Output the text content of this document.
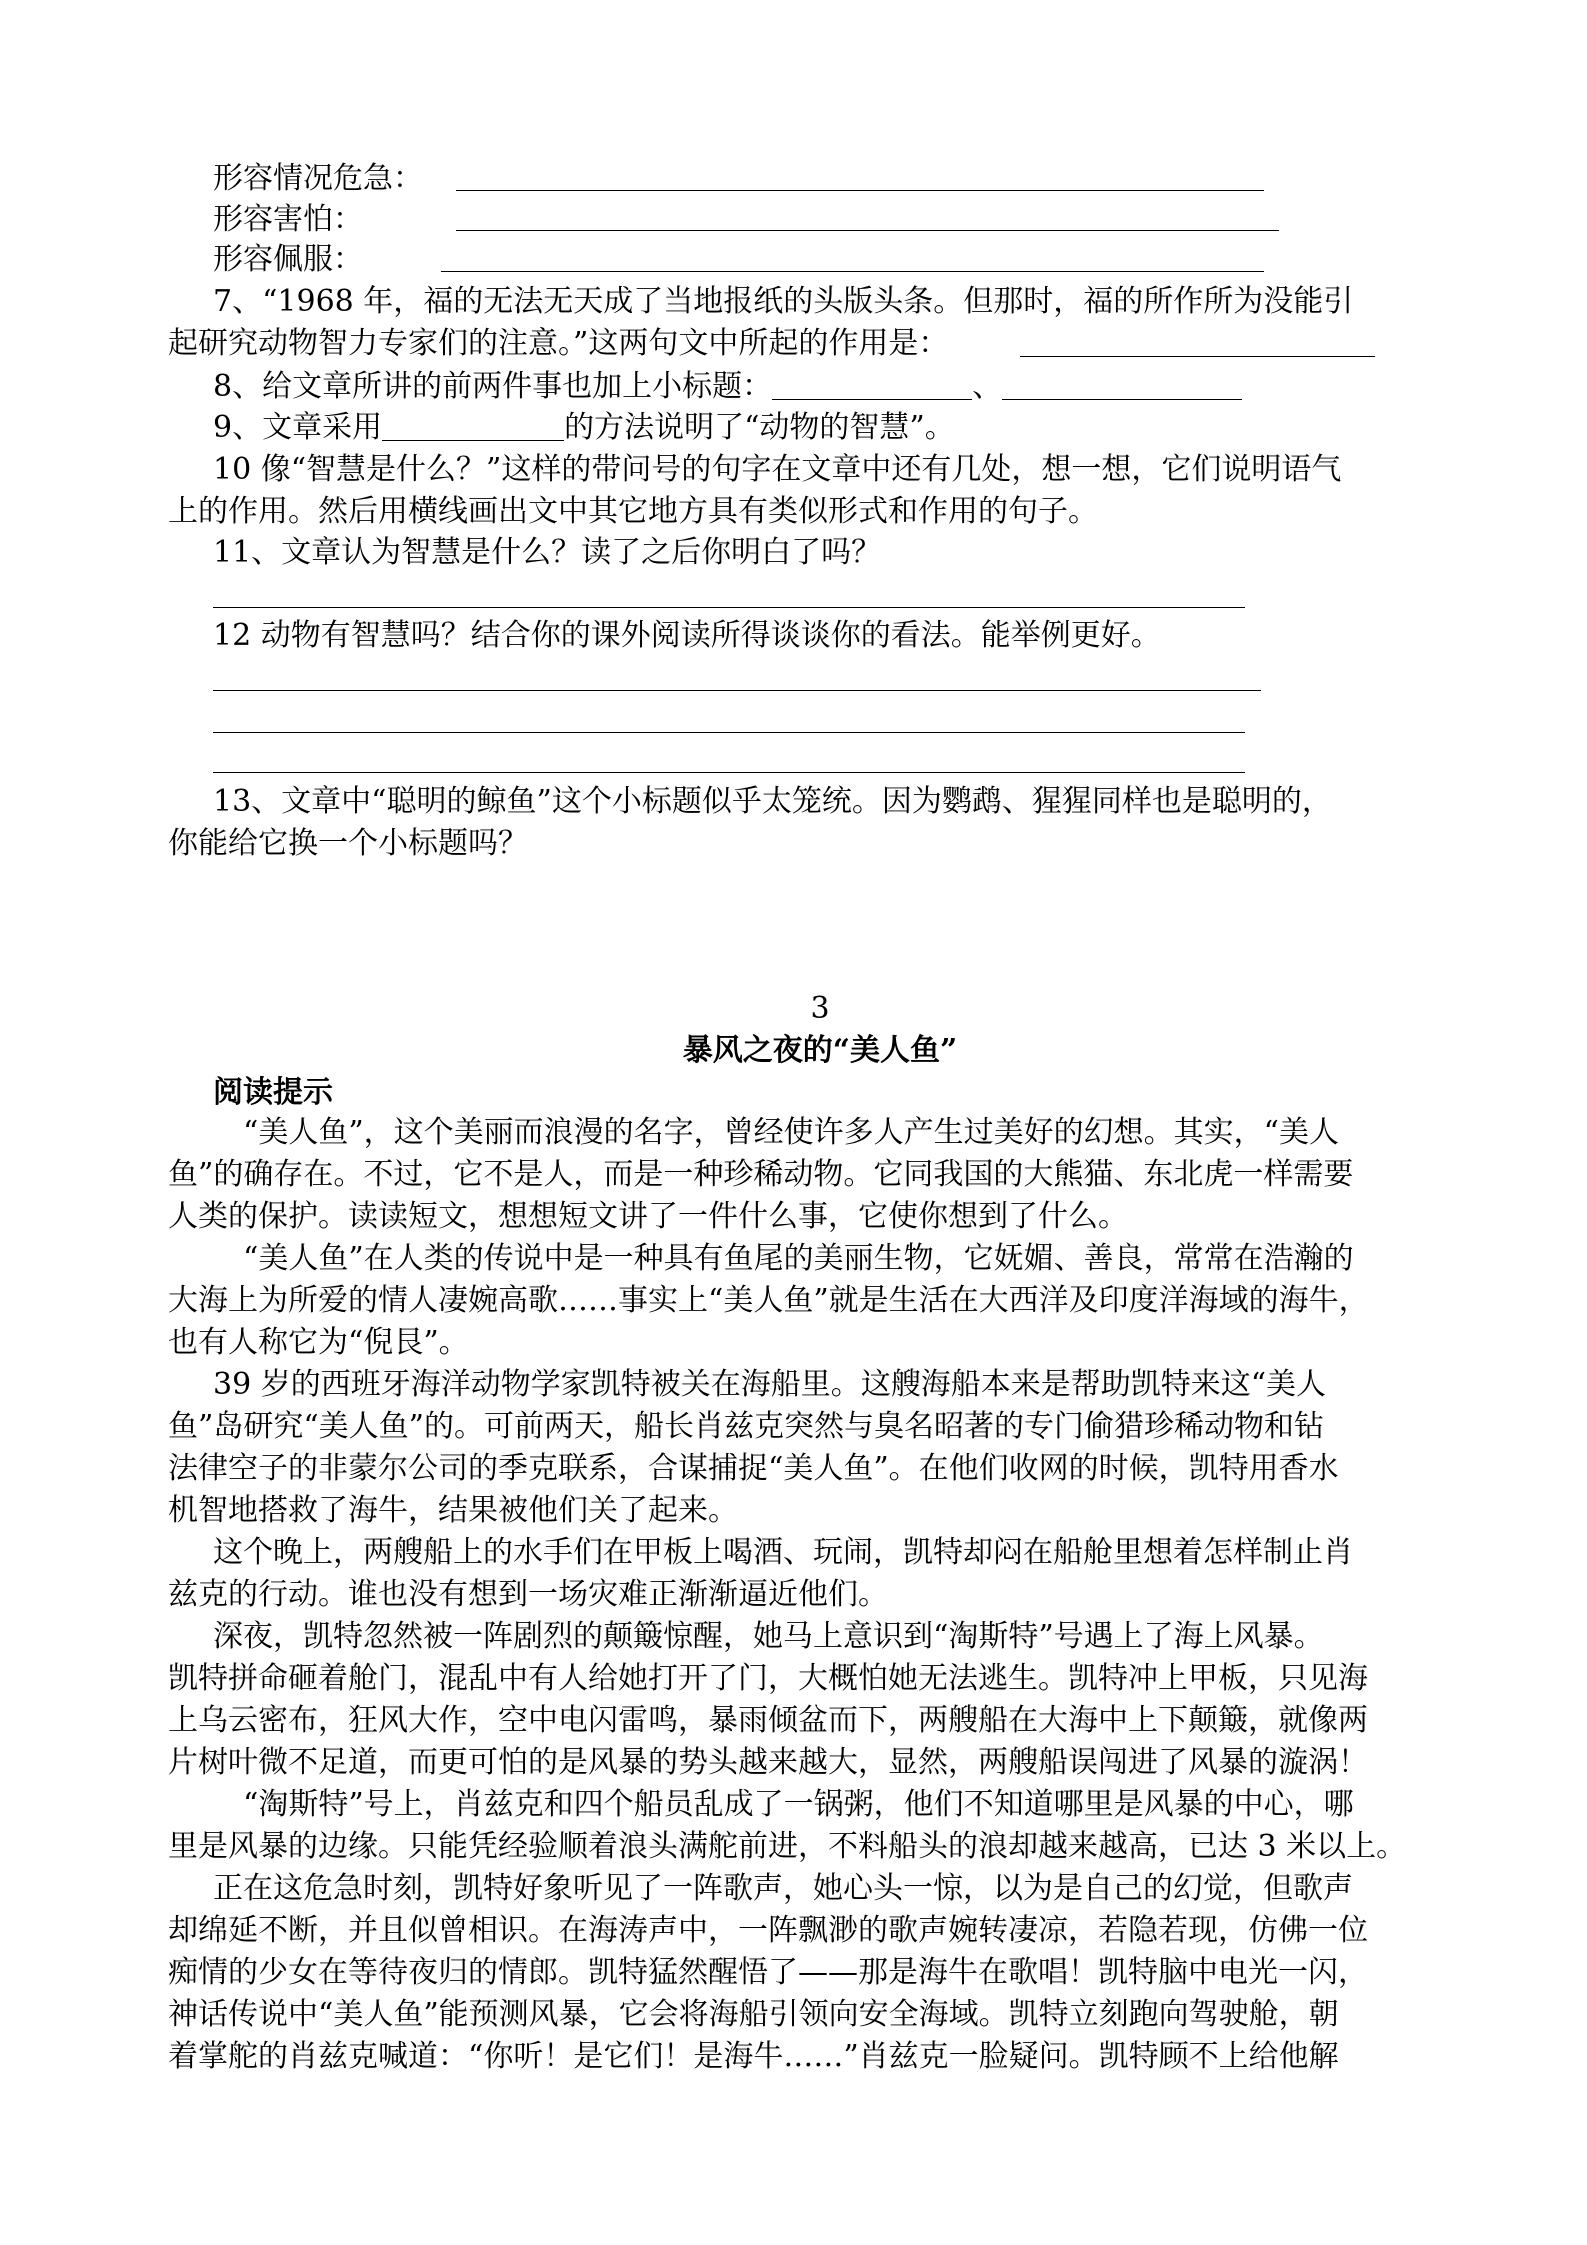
形容情况危急：
形容害怕：
形容佩服：
7、“1968 年，福的无法无天成了当地报纸的头版头条。但那时，福的所作所为没能引
起研究动物智力专家们的注意。”这两句文中所起的作用是：
8、给文章所讲的前两件事也加上小标题：	、
9、文章采用	的方法说明了“动物的智慧”。
10 像“智慧是什么？”这样的带问号的句字在文章中还有几处，想一想，它们说明语气
上的作用。然后用横线画出文中其它地方具有类似形式和作用的句子。
11、文章认为智慧是什么？读了之后你明白了吗？
12 动物有智慧吗？结合你的课外阅读所得谈谈你的看法。能举例更好。
13、文章中“聪明的鲸鱼”这个小标题似乎太笼统。因为鹦鹉、猩猩同样也是聪明的，
你能给它换一个小标题吗？
3
暴风之夜的“美人鱼”
阅读提示
“美人鱼”，这个美丽而浪漫的名字，曾经使许多人产生过美好的幻想。其实，“美人
鱼”的确存在。不过，它不是人，而是一种珍稀动物。它同我国的大熊猫、东北虎一样需要
人类的保护。读读短文，想想短文讲了一件什么事，它使你想到了什么。
“美人鱼”在人类的传说中是一种具有鱼尾的美丽生物，它妩媚、善良，常常在浩瀚的
大海上为所爱的情人凄婉高歌……事实上“美人鱼”就是生活在大西洋及印度洋海域的海牛，
也有人称它为“倪艮”。
39 岁的西班牙海洋动物学家凯特被关在海船里。这艘海船本来是帮助凯特来这“美人
鱼”岛研究“美人鱼”的。可前两天，船长肖兹克突然与臭名昭著的专门偷猎珍稀动物和钻
法律空子的非蒙尔公司的季克联系，合谋捕捉“美人鱼”。在他们收网的时候，凯特用香水
机智地搭救了海牛，结果被他们关了起来。
这个晚上，两艘船上的水手们在甲板上喝酒、玩闹，凯特却闷在船舱里想着怎样制止肖
兹克的行动。谁也没有想到一场灾难正渐渐逼近他们。
深夜，凯特忽然被一阵剧烈的颠簸惊醒，她马上意识到“淘斯特”号遇上了海上风暴。
凯特拼命砸着舱门，混乱中有人给她打开了门，大概怕她无法逃生。凯特冲上甲板，只见海
上乌云密布，狂风大作，空中电闪雷鸣，暴雨倾盆而下，两艘船在大海中上下颠簸，就像两
片树叶微不足道，而更可怕的是风暴的势头越来越大，显然，两艘船误闯进了风暴的漩涡！
“淘斯特”号上，肖兹克和四个船员乱成了一锅粥，他们不知道哪里是风暴的中心，哪
里是风暴的边缘。只能凭经验顺着浪头满舵前进，不料船头的浪却越来越高，已达 3 米以上。
正在这危急时刻，凯特好象听见了一阵歌声，她心头一惊，以为是自己的幻觉，但歌声
却绵延不断，并且似曾相识。在海涛声中，一阵飘渺的歌声婉转凄凉，若隐若现，仿佛一位
痴情的少女在等待夜归的情郎。凯特猛然醒悟了——那是海牛在歌唱！凯特脑中电光一闪，
神话传说中“美人鱼”能预测风暴，它会将海船引领向安全海域。凯特立刻跑向驾驶舱，朝
着掌舵的肖兹克喊道：“你听！是它们！是海牛……”肖兹克一脸疑问。凯特顾不上给他解
